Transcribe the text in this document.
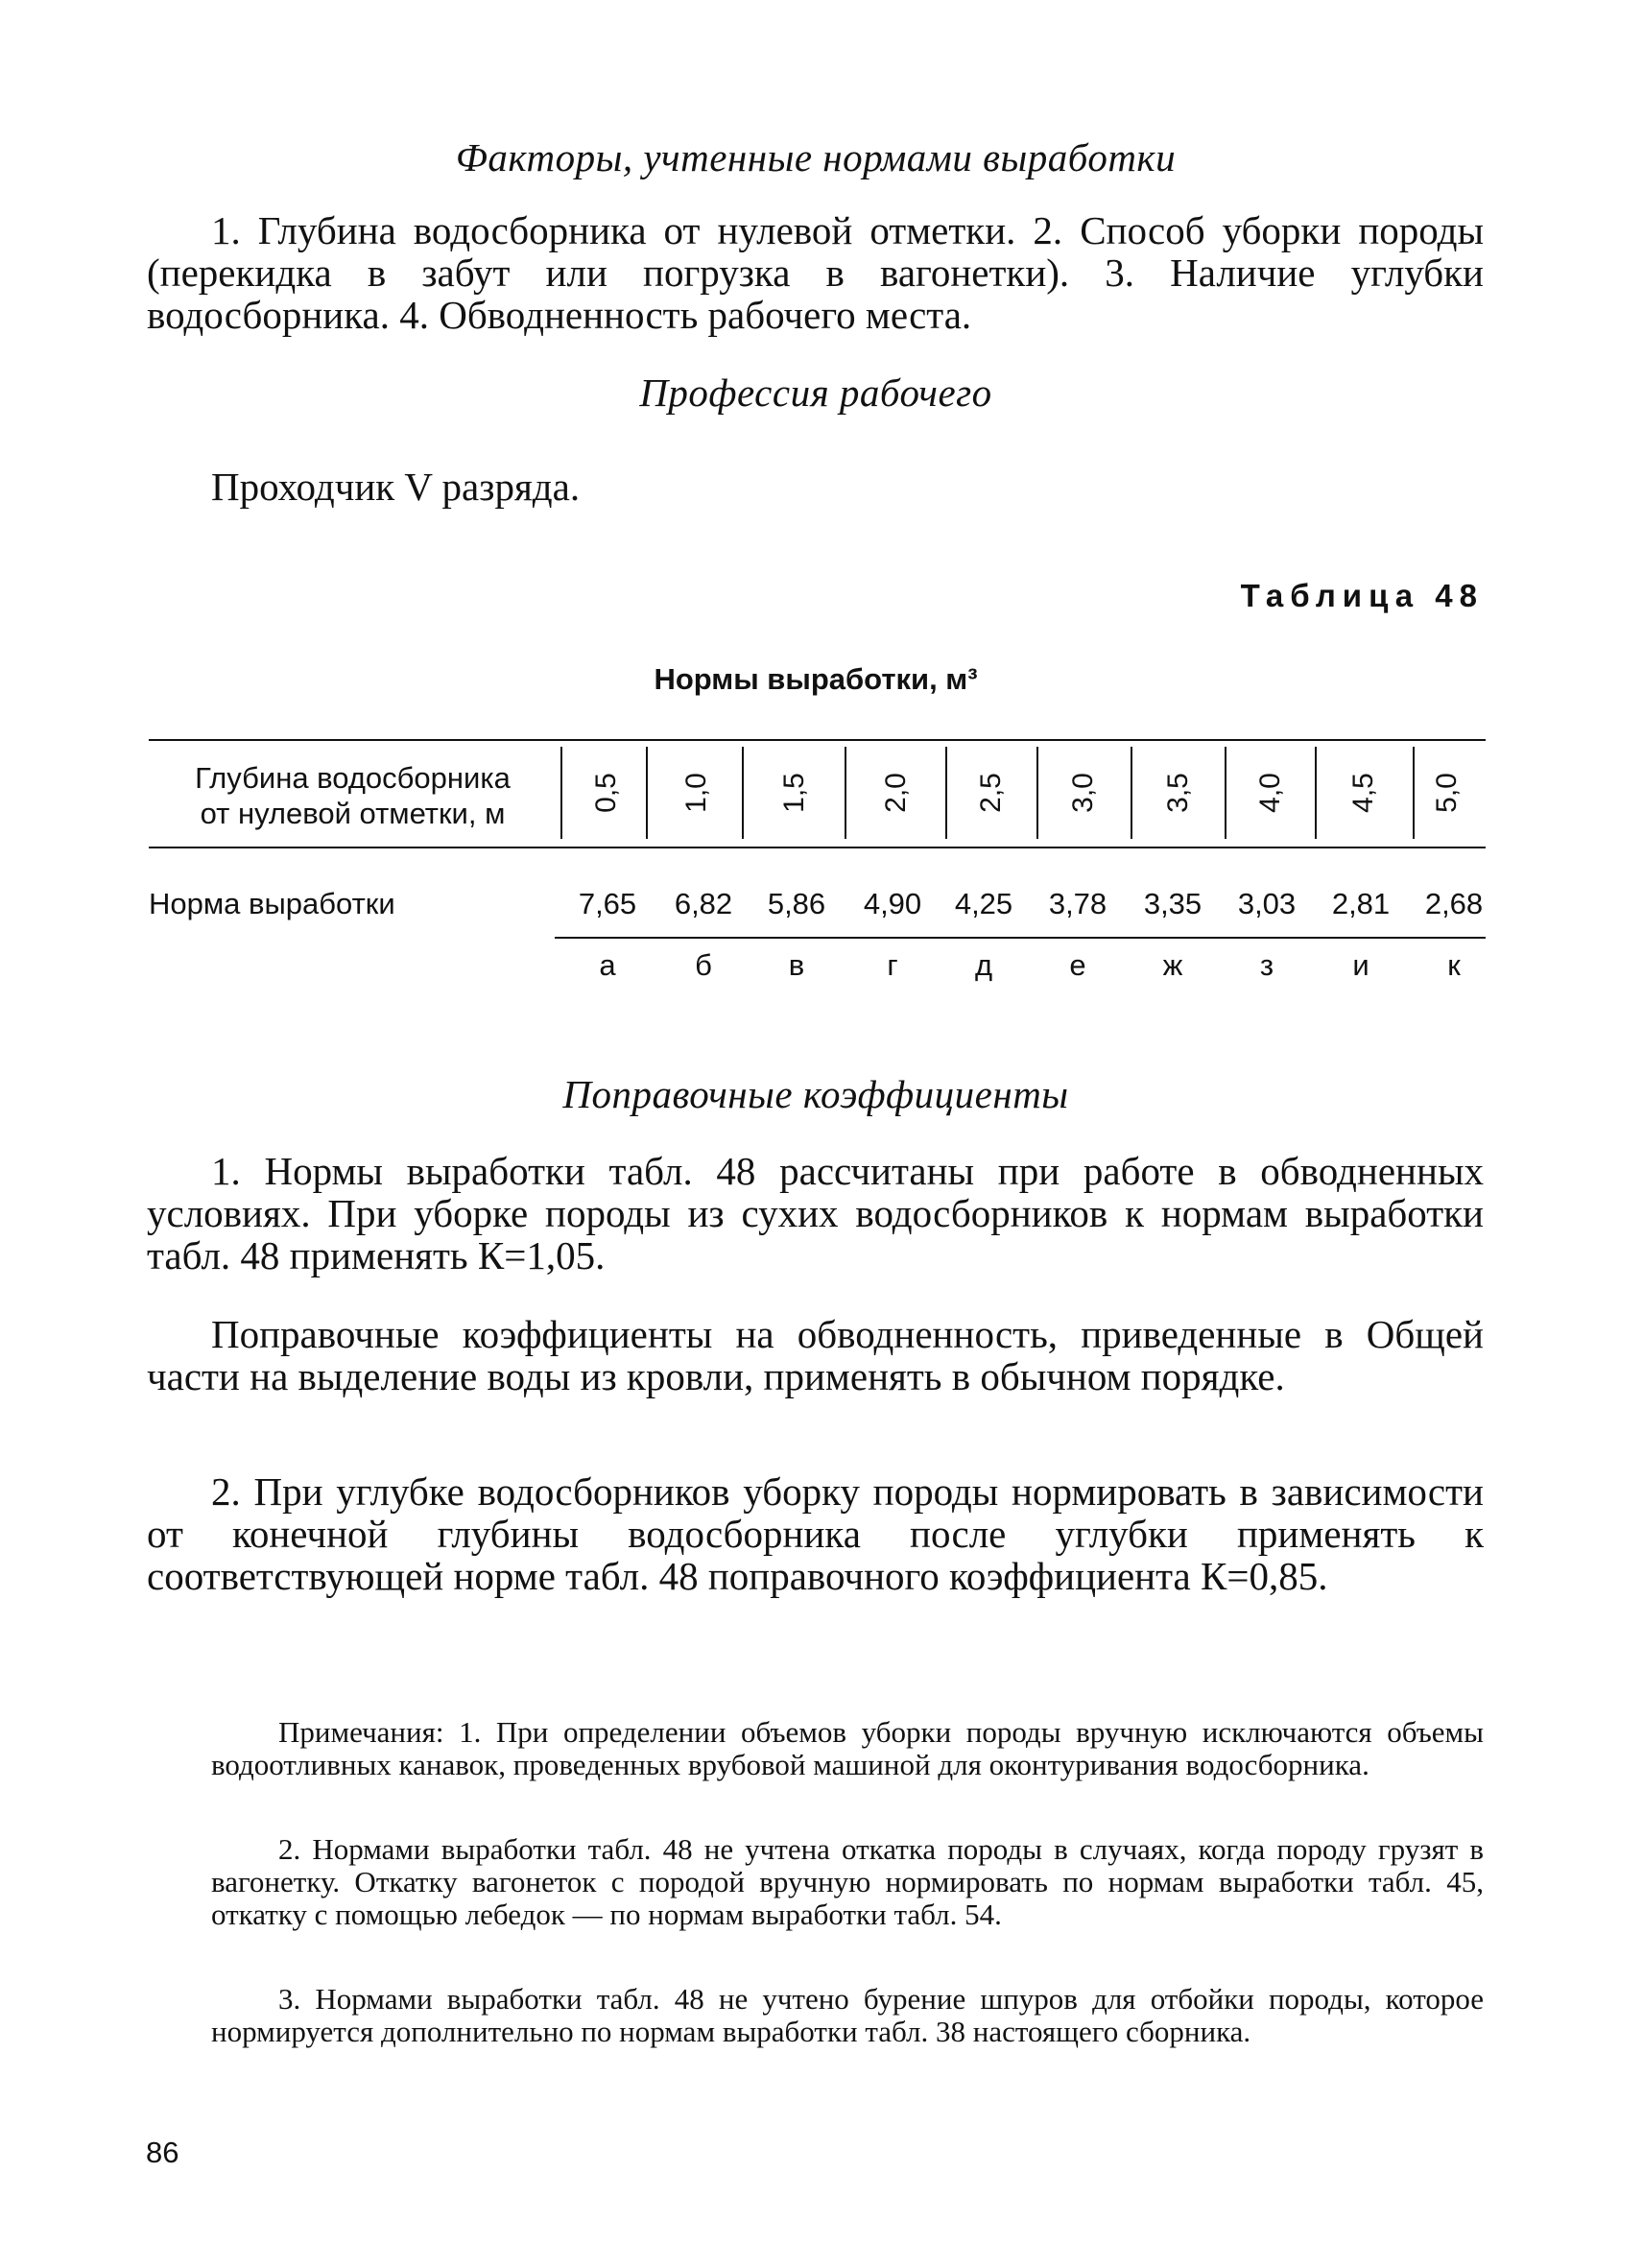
Факторы, учтенные нормами выработки
1. Глубина водосборника от нулевой отметки. 2. Способ уборки породы (перекидка в забут или погрузка в вагонетки). 3. Наличие углубки водосборника. 4. Обводненность рабочего места.
Профессия рабочего
Проходчик V разряда.
Таблица 48
Нормы выработки, м³
Глубина водосборника
от нулевой отметки, м
0,5 1,0 1,5 2,0 2,5 3,0 3,5 4,0 4,5 5,0
Норма выработки	7,65	6,82	5,86	4,90	4,25	3,78	3,35	3,03	2,81	2,68
а	б	в	г	д	е	ж	з	и	к
Поправочные коэффициенты
1. Нормы выработки табл. 48 рассчитаны при работе в обводненных условиях. При уборке породы из сухих водосборников к нормам выработки табл. 48 применять К=1,05.
Поправочные коэффициенты на обводненность, приведенные в Общей части на выделение воды из кровли, применять в обычном порядке.
2. При углубке водосборников уборку породы нормировать в зависимости от конечной глубины водосборника после углубки применять к соответствующей норме табл. 48 поправочного коэффициента К=0,85.
Примечания: 1. При определении объемов уборки породы вручную исключаются объемы водоотливных канавок, проведенных врубовой машиной для оконтуривания водосборника.
2. Нормами выработки табл. 48 не учтена откатка породы в случаях, когда породу грузят в вагонетку. Откатку вагонеток с породой вручную нормировать по нормам выработки табл. 45, откатку с помощью лебедок — по нормам выработки табл. 54.
3. Нормами выработки табл. 48 не учтено бурение шпуров для отбойки породы, которое нормируется дополнительно по нормам выработки табл. 38 настоящего сборника.
86
